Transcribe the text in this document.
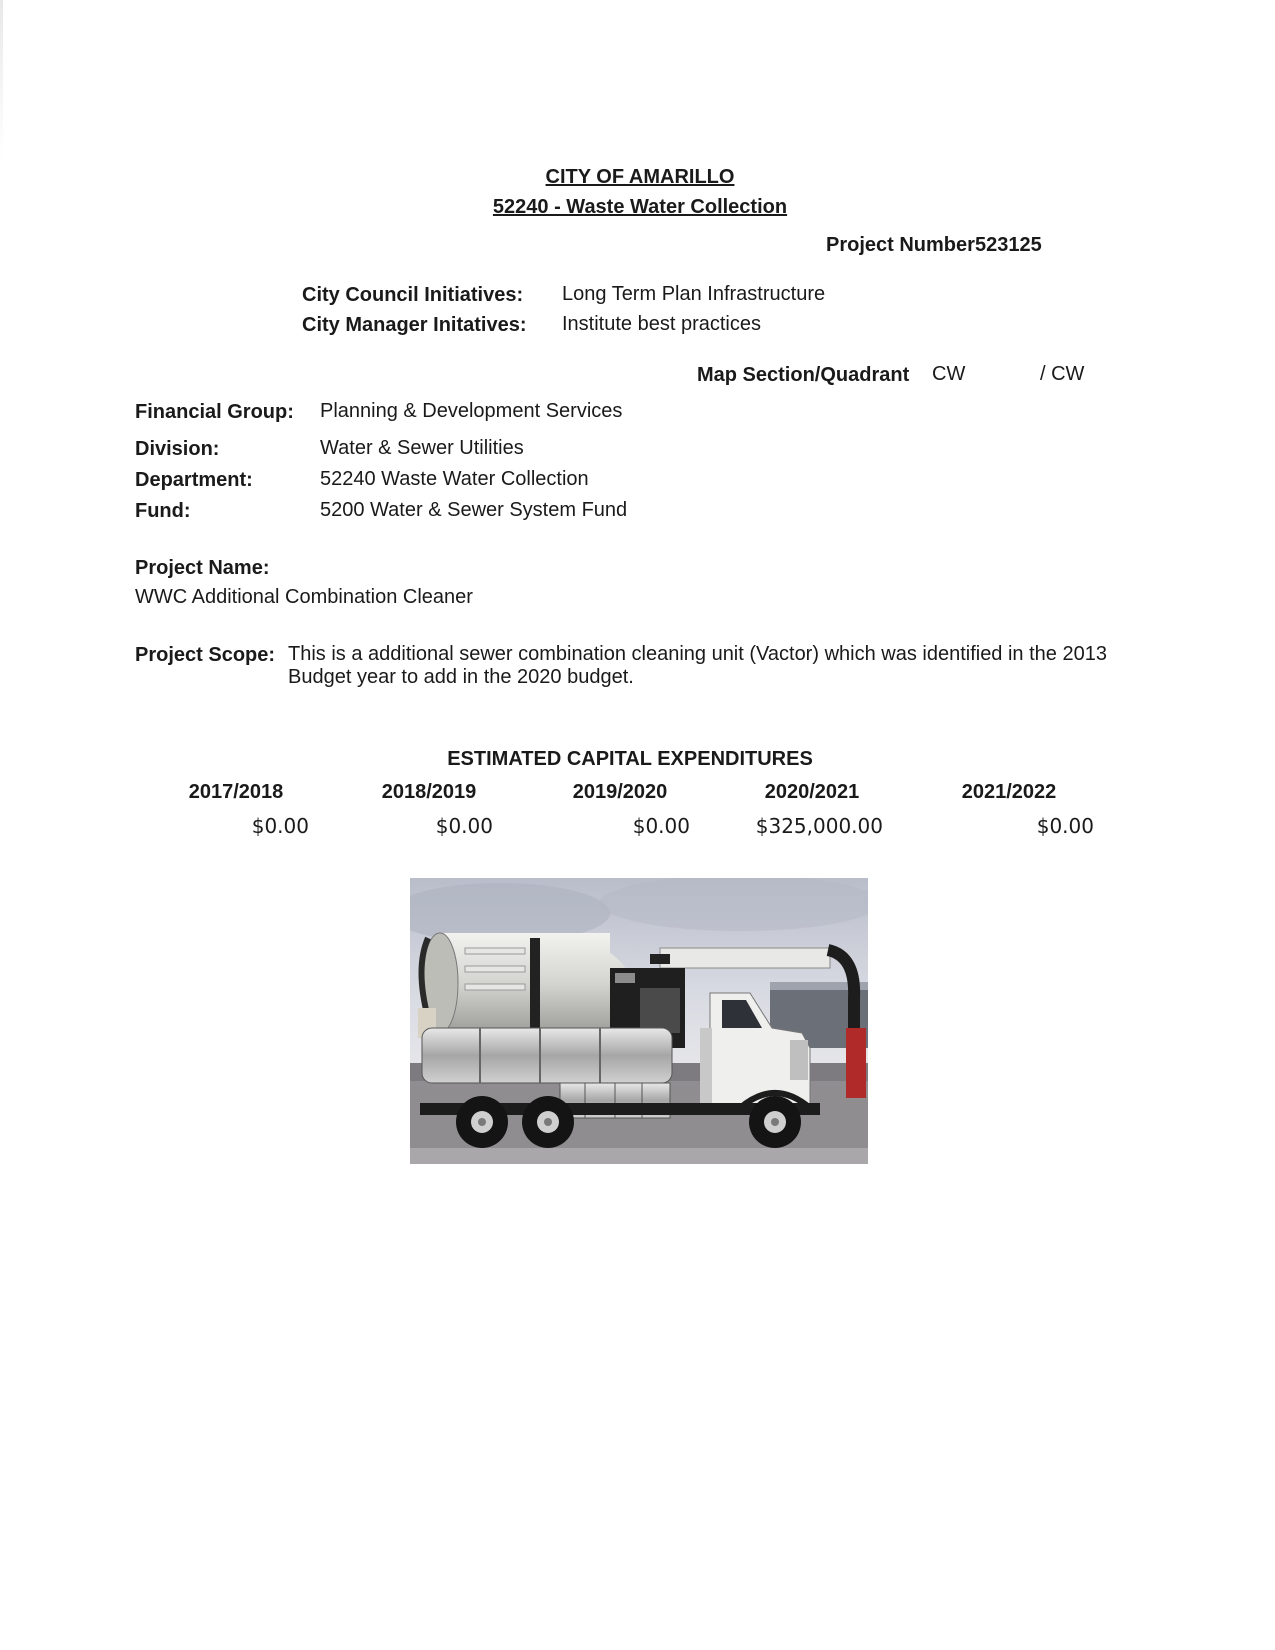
CITY OF AMARILLO
52240 - Waste Water Collection
Project Number 523125
City Council Initiatives: Long Term Plan Infrastructure
City Manager Initatives: Institute best practices
Map Section/Quadrant CW	/ CW
Financial Group: Planning & Development Services
Division:	Water & Sewer Utilities
Department:	52240 Waste Water Collection
Fund:	5200 Water & Sewer System Fund
Project Name:
WWC Additional Combination Cleaner
Project Scope: This is a additional sewer combination cleaning unit (Vactor) which was identified in the 2013
Budget year to add in the 2020 budget.
ESTIMATED CAPITAL EXPENDITURES
2017/2018	2018/2019	2019/2020	2020/2021	2021/2022
$0.00	$0.00	$0.00	$325,000.00	$0.00
